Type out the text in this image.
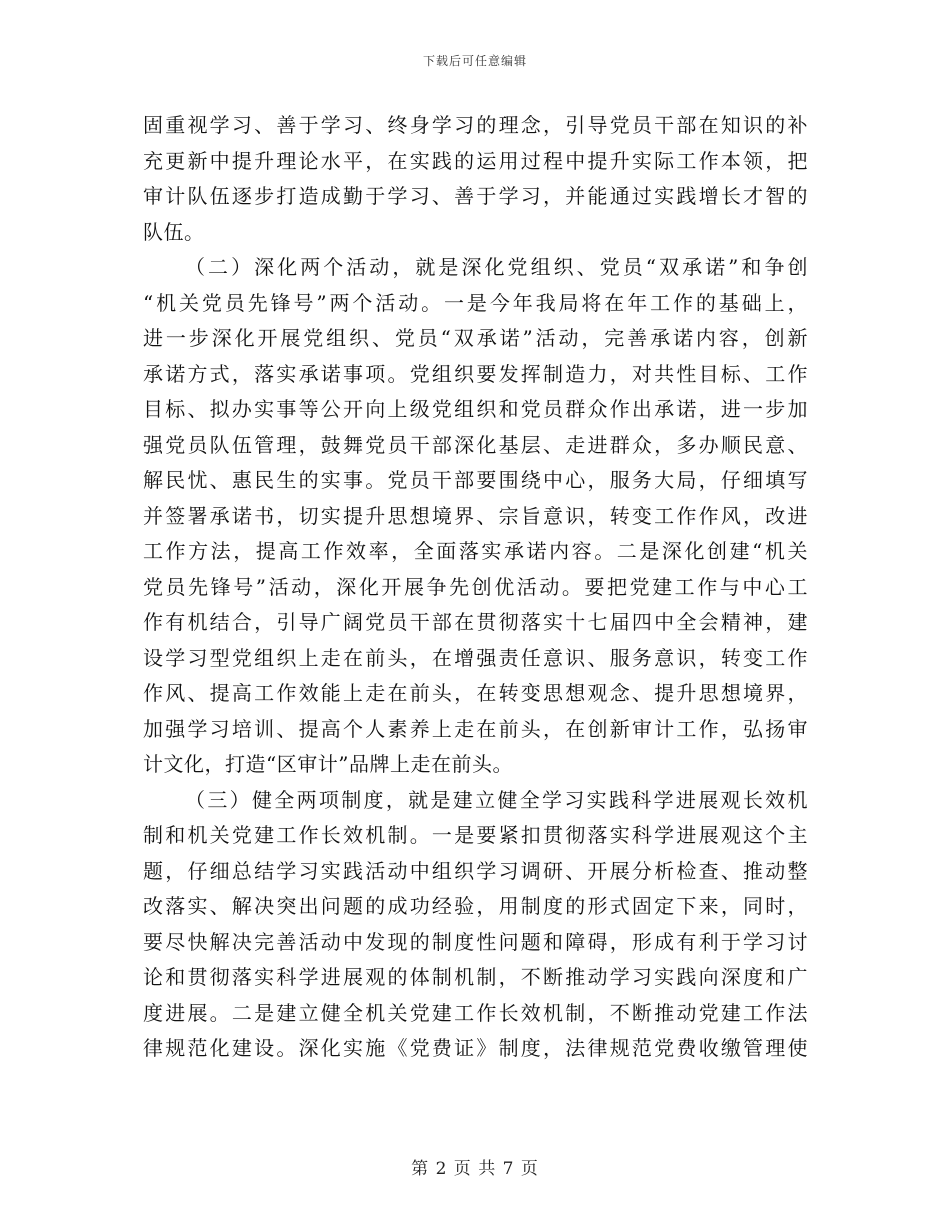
下载后可任意编辑
固重视学习、善于学习、终身学习的理念，引导党员干部在知识的补
充更新中提升理论水平，在实践的运用过程中提升实际工作本领，把
审计队伍逐步打造成勤于学习、善于学习，并能通过实践增长才智的
队伍。
（二）深化两个活动，就是深化党组织、党员“双承诺”和争创
“机关党员先锋号”两个活动。一是今年我局将在年工作的基础上，
进一步深化开展党组织、党员“双承诺”活动，完善承诺内容，创新
承诺方式，落实承诺事项。党组织要发挥制造力，对共性目标、工作
目标、拟办实事等公开向上级党组织和党员群众作出承诺，进一步加
强党员队伍管理，鼓舞党员干部深化基层、走进群众，多办顺民意、
解民忧、惠民生的实事。党员干部要围绕中心，服务大局，仔细填写
并签署承诺书，切实提升思想境界、宗旨意识，转变工作作风，改进
工作方法，提高工作效率，全面落实承诺内容。二是深化创建“机关
党员先锋号”活动，深化开展争先创优活动。要把党建工作与中心工
作有机结合，引导广阔党员干部在贯彻落实十七届四中全会精神，建
设学习型党组织上走在前头，在增强责任意识、服务意识，转变工作
作风、提高工作效能上走在前头，在转变思想观念、提升思想境界，
加强学习培训、提高个人素养上走在前头，在创新审计工作，弘扬审
计文化，打造“区审计”品牌上走在前头。
（三）健全两项制度，就是建立健全学习实践科学进展观长效机
制和机关党建工作长效机制。一是要紧扣贯彻落实科学进展观这个主
题，仔细总结学习实践活动中组织学习调研、开展分析检查、推动整
改落实、解决突出问题的成功经验，用制度的形式固定下来，同时，
要尽快解决完善活动中发现的制度性问题和障碍，形成有利于学习讨
论和贯彻落实科学进展观的体制机制，不断推动学习实践向深度和广
度进展。二是建立健全机关党建工作长效机制，不断推动党建工作法
律规范化建设。深化实施《党费证》制度，法律规范党费收缴管理使
第 2 页 共 7 页
